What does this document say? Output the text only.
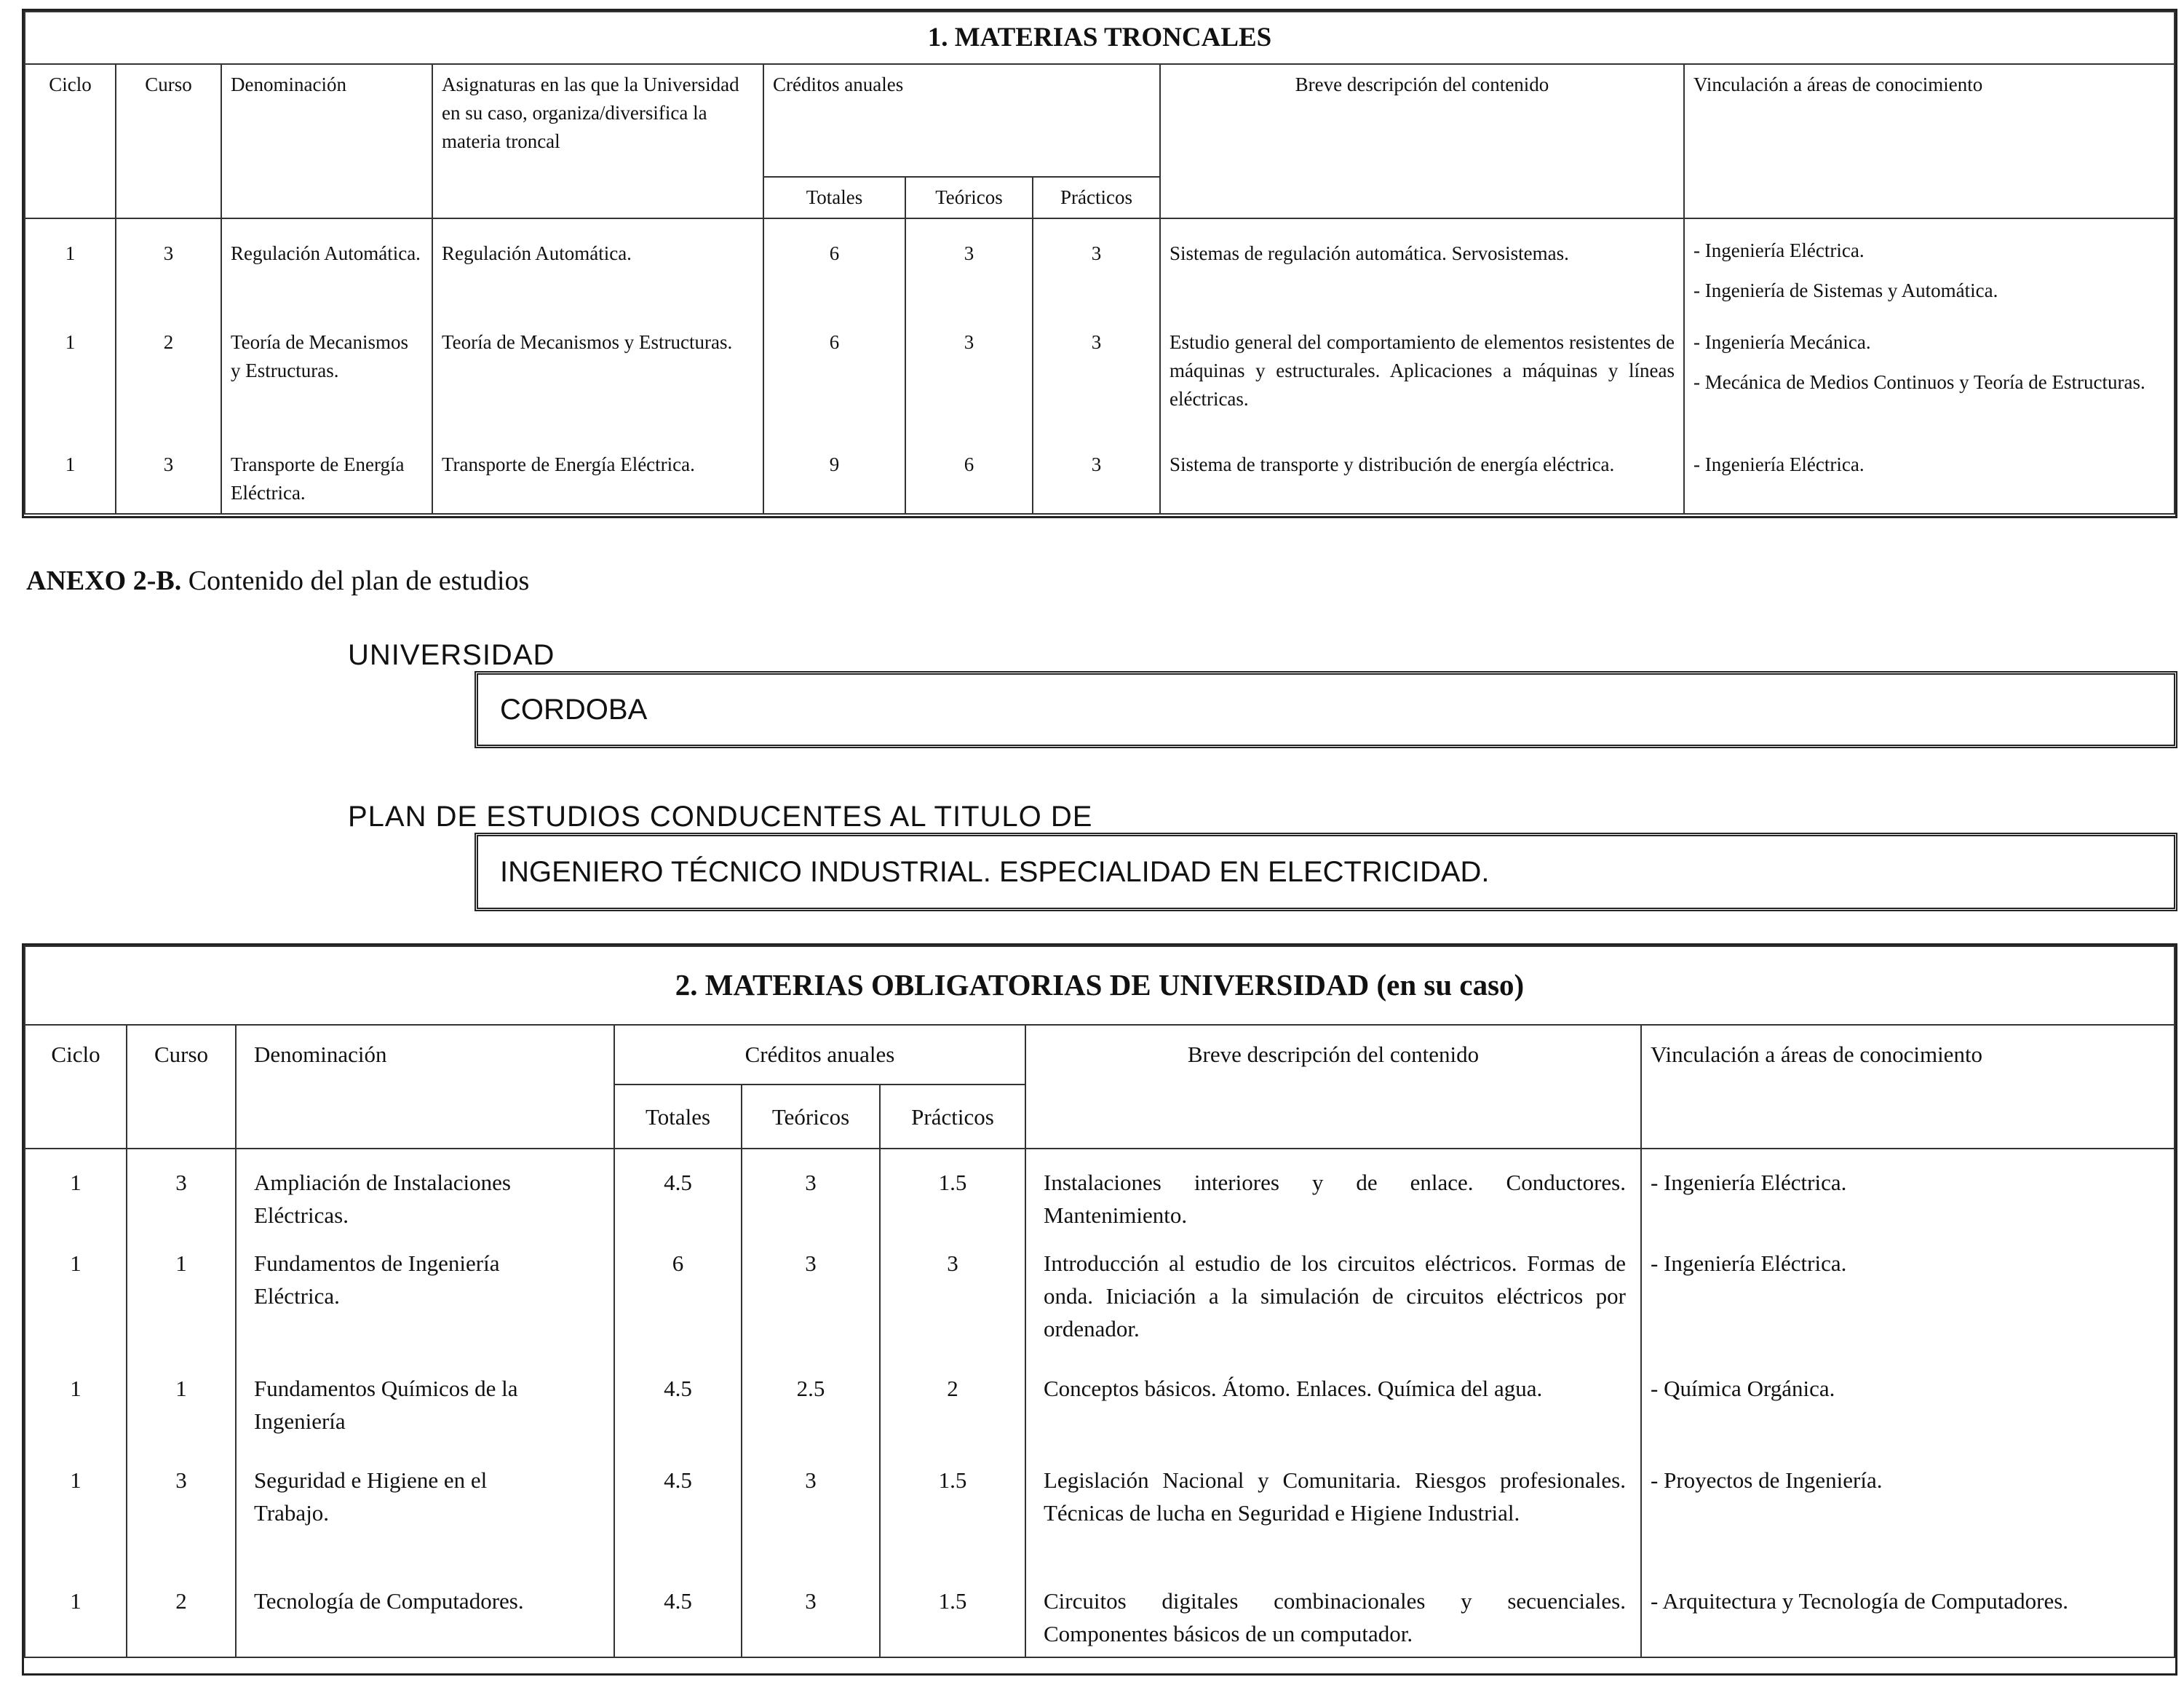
1. MATERIAS TRONCALES								
Ciclo	Curso	Denominación	Asignaturas en las que la Universidad en su caso, organiza/diversifica la materia troncal	Créditos anuales			Breve descripción del contenido	Vinculación a áreas de conocimiento
				Totales	Teóricos	Prácticos		
1	3	Regulación Automática.	Regulación Automática.	6	3	3	Sistemas de regulación automática. Servosistemas.	- Ingeniería Eléctrica.
- Ingeniería de Sistemas y Automática.

1	2	Teoría de Mecanismos y Estructuras.	Teoría de Mecanismos y Estructuras.	6	3	3	Estudio general del comportamiento de elementos resistentes de máquinas y estructurales. Aplicaciones a máquinas y líneas eléctricas.	- Ingeniería Mecánica.
- Mecánica de Medios Continuos y Teoría de Estructuras.

1	3	Transporte de Energía Eléctrica.	Transporte de Energía Eléctrica.	9	6	3	Sistema de transporte y distribución de energía eléctrica.	- Ingeniería Eléctrica.
ANEXO 2-B. Contenido del plan de estudios
UNIVERSIDAD
CORDOBA
PLAN DE ESTUDIOS CONDUCENTES AL TITULO DE
INGENIERO TÉCNICO INDUSTRIAL. ESPECIALIDAD EN ELECTRICIDAD.
2. MATERIAS OBLIGATORIAS DE UNIVERSIDAD (en su caso)							
Ciclo	Curso	Denominación	Créditos anuales			Breve descripción del contenido	Vinculación a áreas de conocimiento
			Totales	Teóricos	Prácticos		
1	3	Ampliación de Instalaciones Eléctricas.	4.5	3	1.5	Instalaciones interiores y de enlace. Conductores. Mantenimiento.	- Ingeniería Eléctrica.

1	1	Fundamentos de Ingeniería Eléctrica.	6	3	3	Introducción al estudio de los circuitos eléctricos. Formas de onda. Iniciación a la simulación de circuitos eléctricos por ordenador.	- Ingeniería Eléctrica.

1	1	Fundamentos Químicos de la Ingeniería	4.5	2.5	2	Conceptos básicos. Átomo. Enlaces. Química del agua.	- Química Orgánica.

1	3	Seguridad e Higiene en el Trabajo.	4.5	3	1.5	Legislación Nacional y Comunitaria. Riesgos profesionales. Técnicas de lucha en Seguridad e Higiene Industrial.	- Proyectos de Ingeniería.

1	2	Tecnología de Computadores.	4.5	3	1.5	Circuitos digitales combinacionales y secuenciales. Componentes básicos de un computador.	- Arquitectura y Tecnología de Computadores.
